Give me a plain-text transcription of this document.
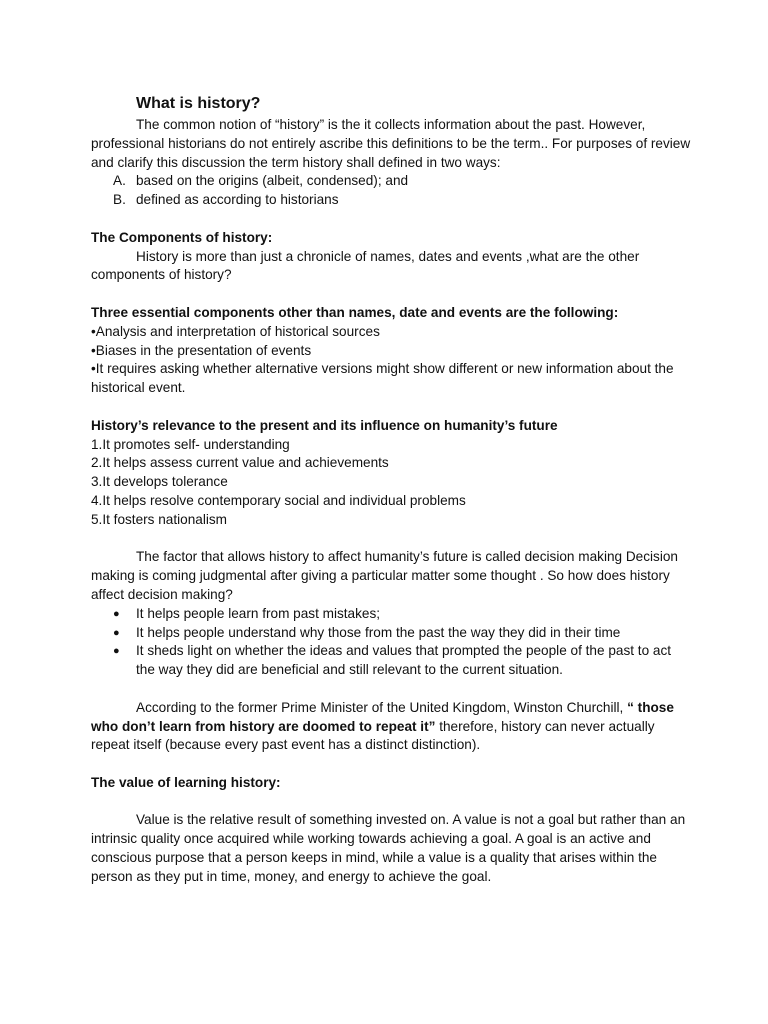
What is history?

The common notion of “history” is the it collects information about the past. However, professional historians do not entirely ascribe this definitions to be the term.. For purposes of review and clarify this discussion the term history shall defined in two ways:

A. based on the origins (albeit, condensed); and
B. defined as according to historians

The Components of history:

History is more than just a chronicle of names, dates and events ,what are the other components of history?

Three essential components other than names, date and events are the following:

•Analysis and interpretation of historical sources

•Biases in the presentation of events

•It requires asking whether alternative versions might show different or new information about the historical event.

History’s relevance to the present and its influence on humanity’s future

1.It promotes self- understanding

2.It helps assess current value and achievements

3.It develops tolerance

4.It helps resolve contemporary social and individual problems

5.It fosters nationalism

The factor that allows history to affect humanity’s future is called decision making Decision making is coming judgmental after giving a particular matter some thought . So how does history affect decision making?

● It helps people learn from past mistakes;
● It helps people understand why those from the past the way they did in their time
● It sheds light on whether the ideas and values that prompted the people of the past to act the way they did are beneficial and still relevant to the current situation.

According to the former Prime Minister of the United Kingdom, Winston Churchill, “ those who don’t learn from history are doomed to repeat it” therefore, history can never actually repeat itself (because every past event has a distinct distinction).

The value of learning history:

Value is the relative result of something invested on. A value is not a goal but rather than an intrinsic quality once acquired while working towards achieving a goal. A goal is an active and conscious purpose that a person keeps in mind, while a value is a quality that arises within the person as they put in time, money, and energy to achieve the goal.
